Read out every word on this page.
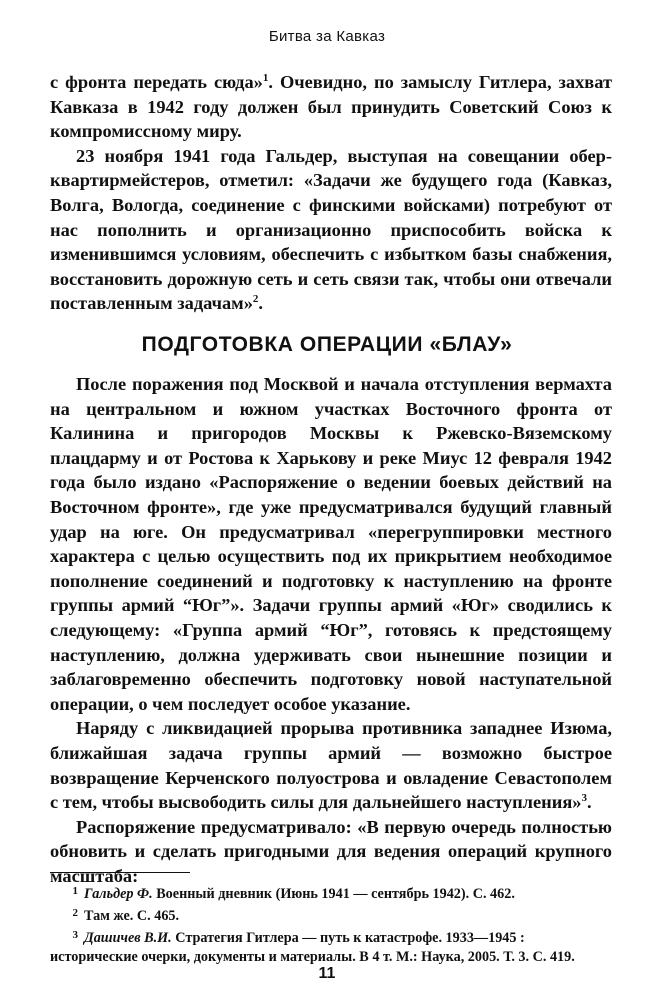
Битва за Кавказ

с фронта передать сюда»$^1$. Очевидно, по замыслу Гитлера, захват Кавказа в 1942 году должен был принудить Советский Союз к компромиссному миру.

23 ноября 1941 года Гальдер, выступая на совещании обер-квартирмейстеров, отметил: «Задачи же будущего года (Кавказ, Волга, Вологда, соединение с финскими войсками) потребуют от нас пополнить и организационно приспособить войска к изменившимся условиям, обеспечить с избытком базы снабжения, восстановить дорожную сеть и сеть связи так, чтобы они отвечали поставленным задачам»$^2$.

ПОДГОТОВКА ОПЕРАЦИИ «БЛАУ»

После поражения под Москвой и начала отступления вермахта на центральном и южном участках Восточного фронта от Калинина и пригородов Москвы к Ржевско-Вяземскому плацдарму и от Ростова к Харькову и реке Миус 12 февраля 1942 года было издано «Распоряжение о ведении боевых действий на Восточном фронте», где уже предусматривался будущий главный удар на юге. Он предусматривал «перегруппировки местного характера с целью осуществить под их прикрытием необходимое пополнение соединений и подготовку к наступлению на фронте группы армий “Юг”». Задачи группы армий «Юг» сводились к следующему: «Группа армий “Юг”, готовясь к предстоящему наступлению, должна удерживать свои нынешние позиции и заблаговременно обеспечить подготовку новой наступательной операции, о чем последует особое указание.

Наряду с ликвидацией прорыва противника западнее Изюма, ближайшая задача группы армий — возможно быстрое возвращение Керченского полуострова и овладение Севастополем с тем, чтобы высвободить силы для дальнейшего наступления»$^3$.

Распоряжение предусматривало: «В первую очередь полностью обновить и сделать пригодными для ведения операций крупного масштаба:

1 Гальдер Ф. Военный дневник (Июнь 1941 — сентябрь 1942). С. 462.

2 Там же. С. 465.

3 Дашичев В.И. Стратегия Гитлера — путь к катастрофе. 1933—1945 : исторические очерки, документы и материалы. В 4 т. М.: Наука, 2005. Т. 3. С. 419.

11
